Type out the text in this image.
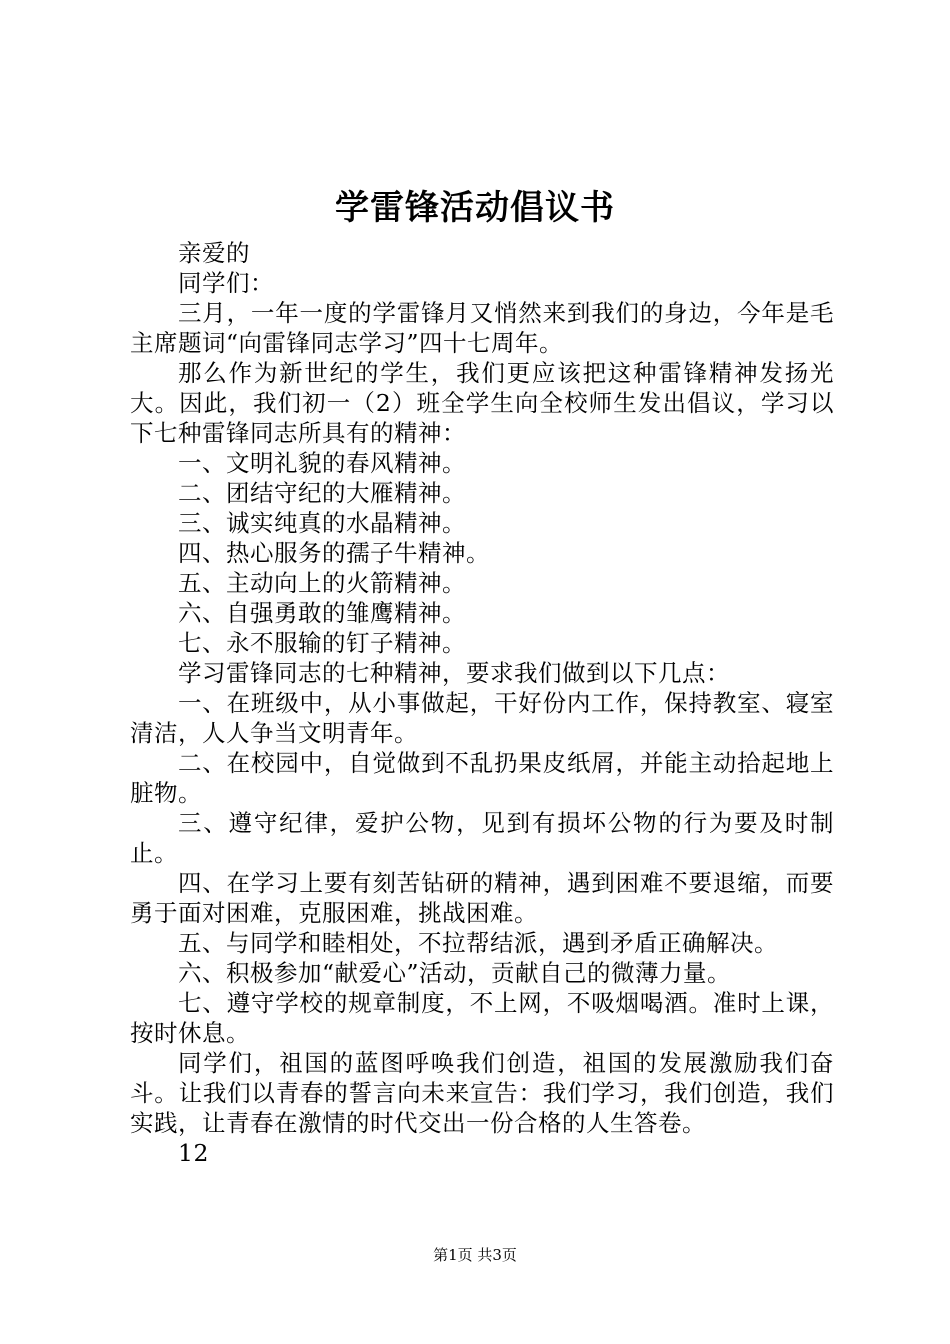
学雷锋活动倡议书

亲爱的

同学们：

三月，一年一度的学雷锋月又悄然来到我们的身边，今年是毛主席题词“向雷锋同志学习”四十七周年。

那么作为新世纪的学生，我们更应该把这种雷锋精神发扬光大。因此，我们初一（2）班全学生向全校师生发出倡议，学习以下七种雷锋同志所具有的精神：

一、文明礼貌的春风精神。

二、团结守纪的大雁精神。

三、诚实纯真的水晶精神。

四、热心服务的孺子牛精神。

五、主动向上的火箭精神。

六、自强勇敢的雏鹰精神。

七、永不服输的钉子精神。

学习雷锋同志的七种精神，要求我们做到以下几点：

一、在班级中，从小事做起，干好份内工作，保持教室、寝室清洁，人人争当文明青年。

二、在校园中，自觉做到不乱扔果皮纸屑，并能主动拾起地上脏物。

三、遵守纪律，爱护公物，见到有损坏公物的行为要及时制止。

四、在学习上要有刻苦钻研的精神，遇到困难不要退缩，而要勇于面对困难，克服困难，挑战困难。

五、与同学和睦相处，不拉帮结派，遇到矛盾正确解决。

六、积极参加“献爱心”活动，贡献自己的微薄力量。

七、遵守学校的规章制度，不上网，不吸烟喝酒。准时上课，按时休息。

同学们，祖国的蓝图呼唤我们创造，祖国的发展激励我们奋斗。让我们以青春的誓言向未来宣告：我们学习，我们创造，我们实践，让青春在激情的时代交出一份合格的人生答卷。

12

第1页 共3页
